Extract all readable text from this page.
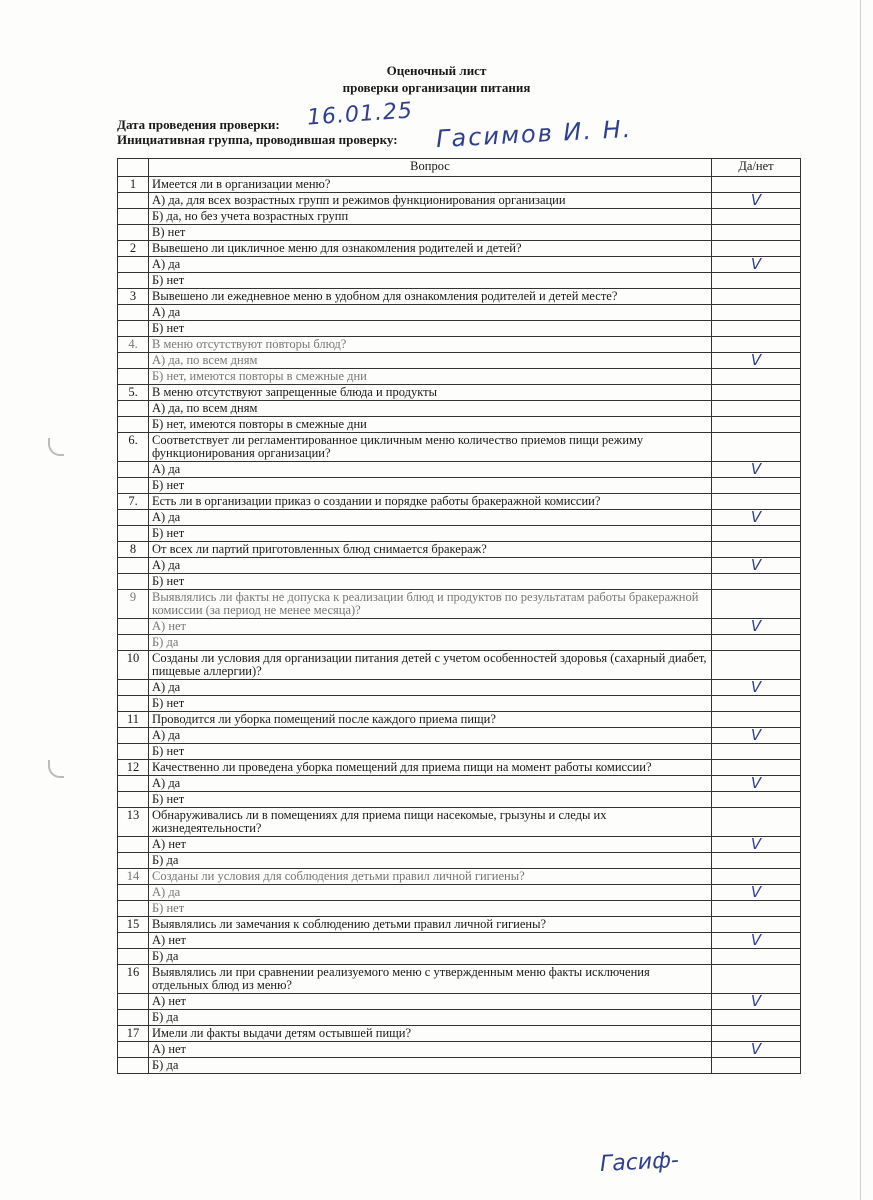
Оценочный лист
проверки организации питания
Дата проведения проверки: 16.01.25
Инициативная группа, проводившая проверку: Гасимов И. Н.
	Вопрос	Да/нет
1	Имеется ли в организации меню?	
	А) да, для всех возрастных групп и режимов функционирования организации	V
	Б) да, но без учета возрастных групп	
	В) нет	
2	Вывешено ли цикличное меню для ознакомления родителей и детей?	
	А) да	V
	Б) нет	
3	Вывешено ли ежедневное меню в удобном для ознакомления родителей и детей месте?	
	А) да	
	Б) нет	
4.	В меню отсутствуют повторы блюд?	
	А) да, по всем дням	V
	Б) нет, имеются повторы в смежные дни	
5.	В меню отсутствуют запрещенные блюда и продукты	
	А) да, по всем дням	
	Б) нет, имеются повторы в смежные дни	
6.	Соответствует ли регламентированное цикличным меню количество приемов пищи режиму функционирования организации?	
	А) да	V
	Б) нет	
7.	Есть ли в организации приказ о создании и порядке работы бракеражной комиссии?	
	А) да	V
	Б) нет	
8	От всех ли партий приготовленных блюд снимается бракераж?	
	А) да	V
	Б) нет	
9	Выявлялись ли факты не допуска к реализации блюд и продуктов по результатам работы бракеражной комиссии (за период не менее месяца)?	
	А) нет	V
	Б) да	
10	Созданы ли условия для организации питания детей с учетом особенностей здоровья (сахарный диабет, пищевые аллергии)?	
	А) да	V
	Б) нет	
11	Проводится ли уборка помещений после каждого приема пищи?	
	А) да	V
	Б) нет	
12	Качественно ли проведена уборка помещений для приема пищи на момент работы комиссии?	
	А) да	V
	Б) нет	
13	Обнаруживались ли в помещениях для приема пищи насекомые, грызуны и следы их жизнедеятельности?	
	А) нет	V
	Б) да	
14	Созданы ли условия для соблюдения детьми правил личной гигиены?	
	А) да	V
	Б) нет	
15	Выявлялись ли замечания к соблюдению детьми правил личной гигиены?	
	А) нет	V
	Б) да	
16	Выявлялись ли при сравнении реализуемого меню с утвержденным меню факты исключения отдельных блюд из меню?	
	А) нет	V
	Б) да	
17	Имели ли факты выдачи детям остывшей пищи?	
	А) нет	V
	Б) да	
Гасиф-
